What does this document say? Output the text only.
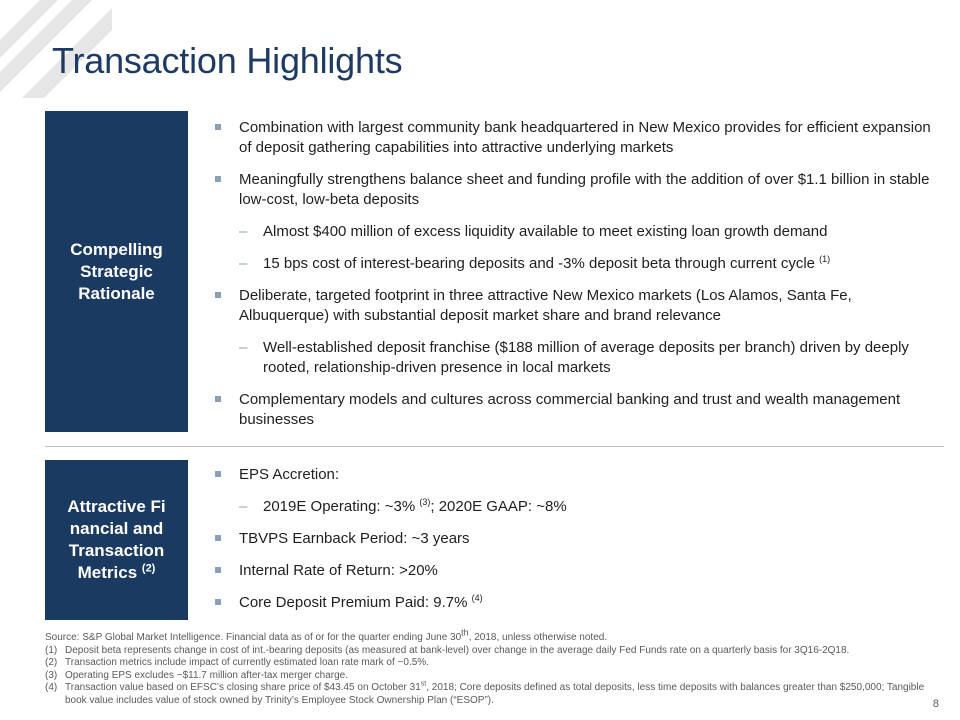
Transaction Highlights
Compelling Strategic Rationale
Combination with largest community bank headquartered in New Mexico provides for efficient expansion of deposit gathering capabilities into attractive underlying markets
Meaningfully strengthens balance sheet and funding profile with the addition of over $1.1 billion in stable low-cost, low-beta deposits
– Almost $400 million of excess liquidity available to meet existing loan growth demand
– 15 bps cost of interest-bearing deposits and -3% deposit beta through current cycle $^{(1)}$
Deliberate, targeted footprint in three attractive New Mexico markets (Los Alamos, Santa Fe, Albuquerque) with substantial deposit market share and brand relevance
– Well-established deposit franchise ($188 million of average deposits per branch) driven by deeply rooted, relationship-driven presence in local markets
Complementary models and cultures across commercial banking and trust and wealth management businesses
Attractive Financial and Transaction Metrics $^{(2)}$
EPS Accretion:
– 2019E Operating: ~3% $^{(3)}$; 2020E GAAP: ~8%
TBVPS Earnback Period: ~3 years
Internal Rate of Return: >20%
Core Deposit Premium Paid: 9.7% $^{(4)}$
Source: S&P Global Market Intelligence. Financial data as of or for the quarter ending June 30th, 2018, unless otherwise noted.
(1) Deposit beta represents change in cost of int.-bearing deposits (as measured at bank-level) over change in the average daily Fed Funds rate on a quarterly basis for 3Q16-2Q18.
(2) Transaction metrics include impact of currently estimated loan rate mark of ~0.5%.
(3) Operating EPS excludes ~$11.7 million after-tax merger charge.
(4) Transaction value based on EFSC’s closing share price of $43.45 on October 31st, 2018; Core deposits defined as total deposits, less time deposits with balances greater than $250,000; Tangible book value includes value of stock owned by Trinity’s Employee Stock Ownership Plan (“ESOP”).	8
